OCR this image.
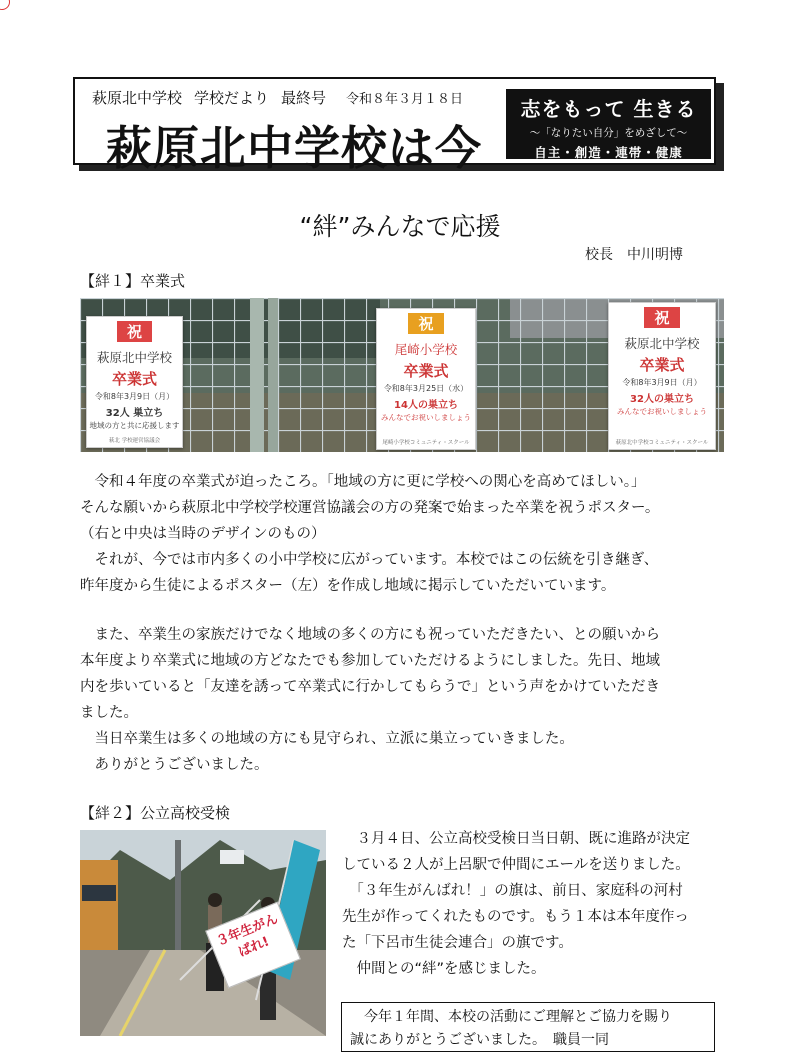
萩原北中学校 学校だより 最終号 令和８年３月１８日
萩原北中学校は今
志をもって 生きる
～「なりたい自分」をめざして～
自主・創造・連帯・健康
“絆”みんなで応援
校長　中川明博
【絆１】卒業式
祝
萩原北中学校
卒業式
令和8年3月9日（月）
32人 巣立ち
地域の方と共に応援します
萩北 学校運営協議会
祝
尾崎小学校
卒業式
令和8年3月25日（水）
14人の巣立ち
みんなでお祝いしましょう
尾崎小学校コミュニティ・スクール
祝
萩原北中学校
卒業式
令和8年3月9日（月）
32人の巣立ち
みんなでお祝いしましょう
萩原北中学校コミュニティ・スクール
　令和４年度の卒業式が迫ったころ。「地域の方に更に学校への関心を高めてほしい。」
そんな願いから萩原北中学校学校運営協議会の方の発案で始まった卒業を祝うポスター。
（右と中央は当時のデザインのもの）
　それが、今では市内多くの小中学校に広がっています。本校ではこの伝統を引き継ぎ、
昨年度から生徒によるポスター（左）を作成し地域に掲示していただいています。
　また、卒業生の家族だけでなく地域の多くの方にも祝っていただきたい、との願いから
本年度より卒業式に地域の方どなたでも参加していただけるようにしました。先日、地域
内を歩いていると「友達を誘って卒業式に行かしてもらうで」という声をかけていただき
ました。
　当日卒業生は多くの地域の方にも見守られ、立派に巣立っていきました。
　ありがとうございました。
【絆２】公立高校受検
３年生がんばれ!
　３月４日、公立高校受検日当日朝、既に進路が決定
している２人が上呂駅で仲間にエールを送りました。
　「３年生がんばれ！」の旗は、前日、家庭科の河村
先生が作ってくれたものです。もう１本は本年度作っ
た「下呂市生徒会連合」の旗です。
　仲間との“絆”を感じました。
　今年１年間、本校の活動にご理解とご協力を賜り
誠にありがとうございました。　職員一同
